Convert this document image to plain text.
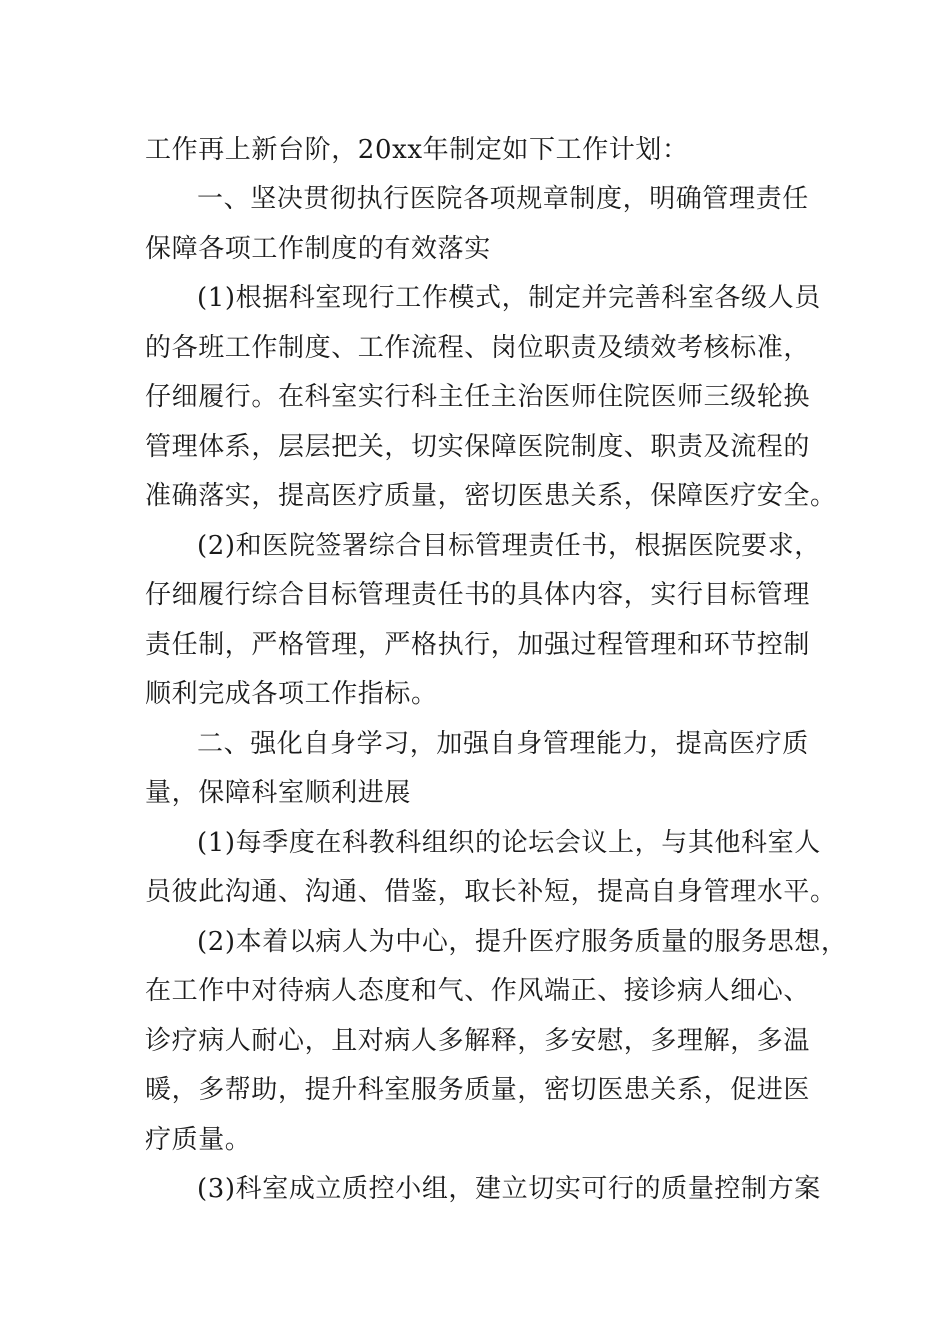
工作再上新台阶，20xx年制定如下工作计划：
一、坚决贯彻执行医院各项规章制度，明确管理责任
保障各项工作制度的有效落实
(1)根据科室现行工作模式，制定并完善科室各级人员
的各班工作制度、工作流程、岗位职责及绩效考核标准，
仔细履行。在科室实行科主任主治医师住院医师三级轮换
管理体系，层层把关，切实保障医院制度、职责及流程的
准确落实，提高医疗质量，密切医患关系，保障医疗安全。
(2)和医院签署综合目标管理责任书，根据医院要求，
仔细履行综合目标管理责任书的具体内容，实行目标管理
责任制，严格管理，严格执行，加强过程管理和环节控制
顺利完成各项工作指标。
二、强化自身学习，加强自身管理能力，提高医疗质
量，保障科室顺利进展
(1)每季度在科教科组织的论坛会议上，与其他科室人
员彼此沟通、沟通、借鉴，取长补短，提高自身管理水平。
(2)本着以病人为中心，提升医疗服务质量的服务思想，
在工作中对待病人态度和气、作风端正、接诊病人细心、
诊疗病人耐心，且对病人多解释，多安慰，多理解，多温
暖，多帮助，提升科室服务质量，密切医患关系，促进医
疗质量。
(3)科室成立质控小组，建立切实可行的质量控制方案
